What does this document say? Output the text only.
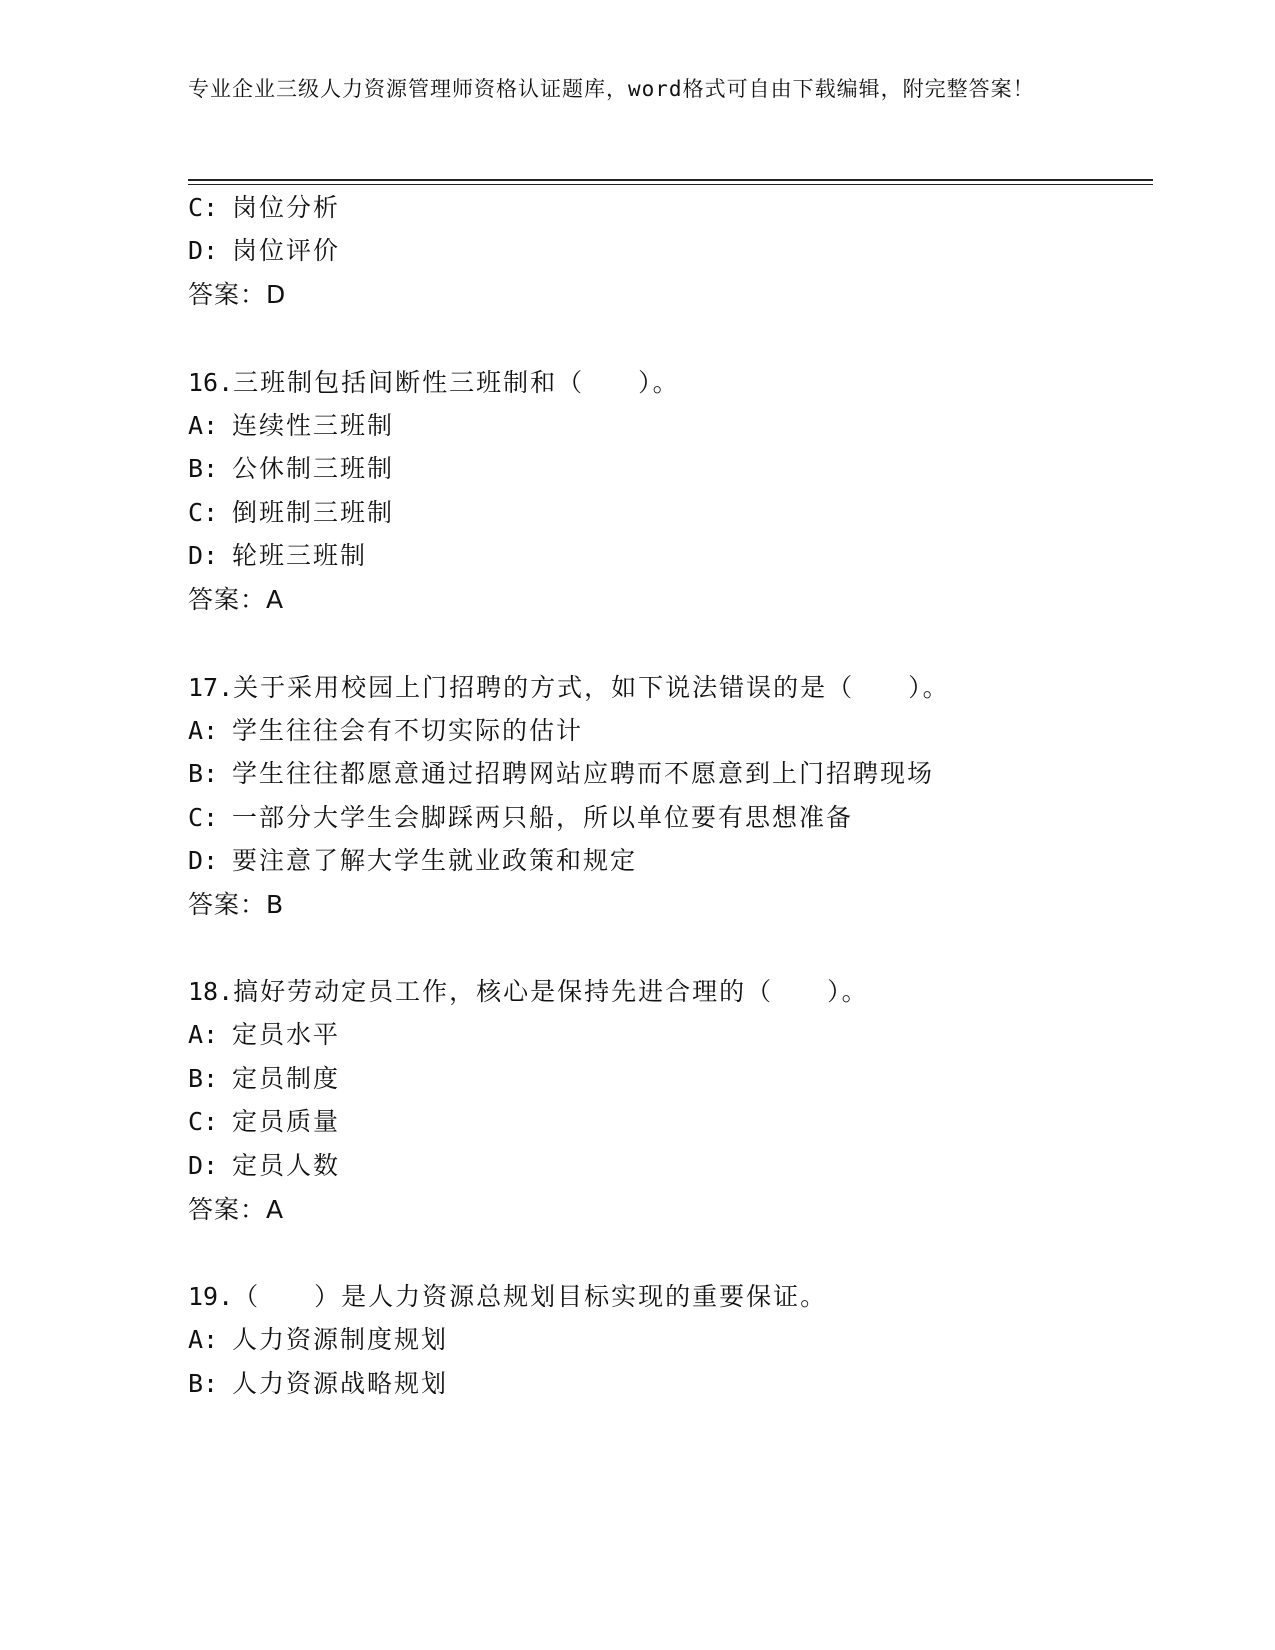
专业企业三级人力资源管理师资格认证题库，word格式可自由下载编辑，附完整答案！
C: 岗位分析
D: 岗位评价
答案：D
16.三班制包括间断性三班制和（ ）。
A: 连续性三班制
B: 公休制三班制
C: 倒班制三班制
D: 轮班三班制
答案：A
17.关于采用校园上门招聘的方式，如下说法错误的是（ ）。
A: 学生往往会有不切实际的估计
B: 学生往往都愿意通过招聘网站应聘而不愿意到上门招聘现场
C: 一部分大学生会脚踩两只船，所以单位要有思想准备
D: 要注意了解大学生就业政策和规定
答案：B
18.搞好劳动定员工作，核心是保持先进合理的（ ）。
A: 定员水平
B: 定员制度
C: 定员质量
D: 定员人数
答案：A
19.（ ）是人力资源总规划目标实现的重要保证。
A: 人力资源制度规划
B: 人力资源战略规划
